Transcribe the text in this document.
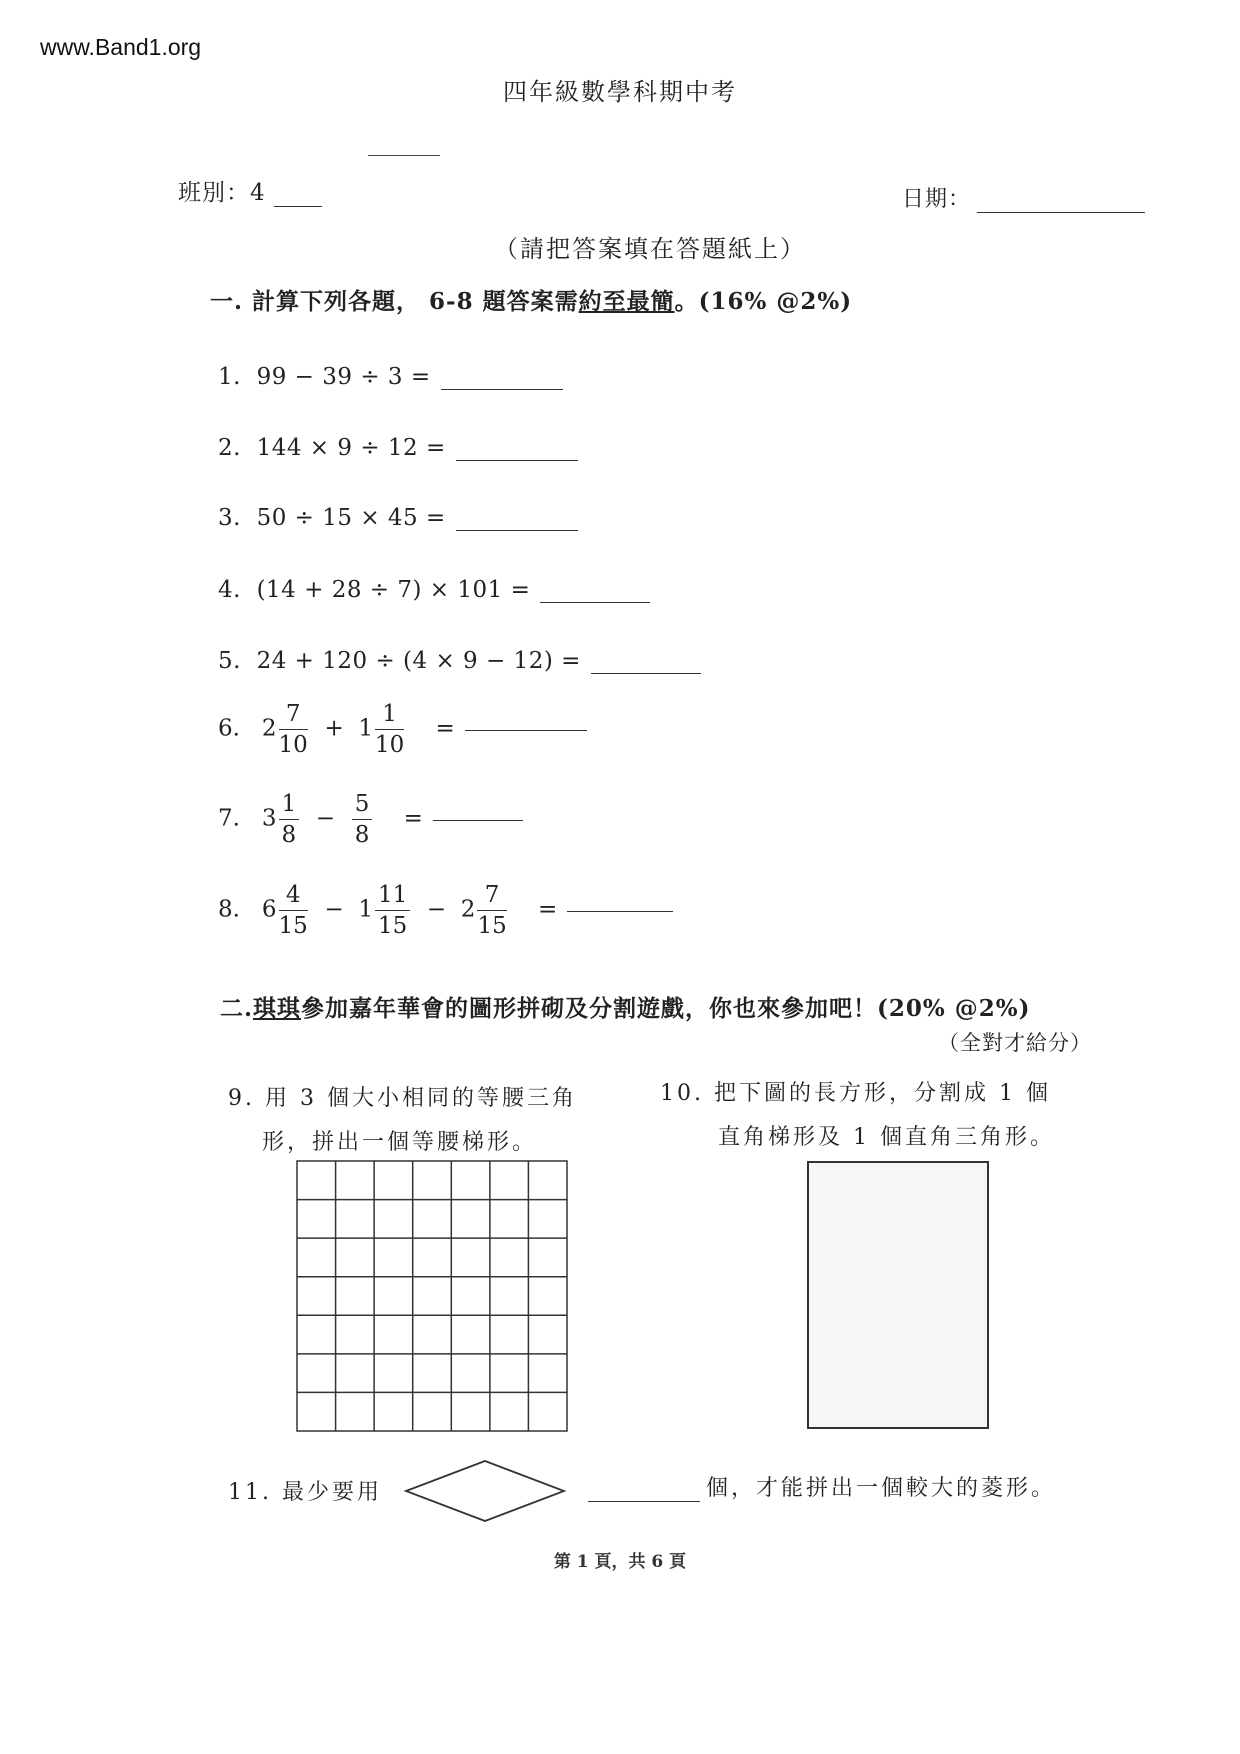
www.Band1.org
四年級數學科期中考
班別：4	日期：
（請把答案填在答題紙上）
一. 計算下列各題， 6-8 題答案需約至最簡。(16% @2%)
1. 99 − 39 ÷ 3 =
2. 144 × 9 ÷ 12 =
3. 50 ÷ 15 × 45 =
4. (14 + 28 ÷ 7) × 101 =
5. 24 + 120 ÷ (4 × 9 − 12) =
6. $2 \frac{7}{10} + 1 \frac{1}{10}$ =
7. $3 \frac{1}{8} - \frac{5}{8}$ =
8. $6 \frac{4}{15} - 1 \frac{11}{15} - 2 \frac{7}{15}$ =
二.琪琪參加嘉年華會的圖形拼砌及分割遊戲，你也來參加吧！(20% @2%)
（全對才給分）
9. 用 3 個大小相同的等腰三角
形，拼出一個等腰梯形。
10. 把下圖的長方形，分割成 1 個
直角梯形及 1 個直角三角形。
11. 最少要用	個，才能拼出一個較大的菱形。
第 1 頁，共 6 頁
